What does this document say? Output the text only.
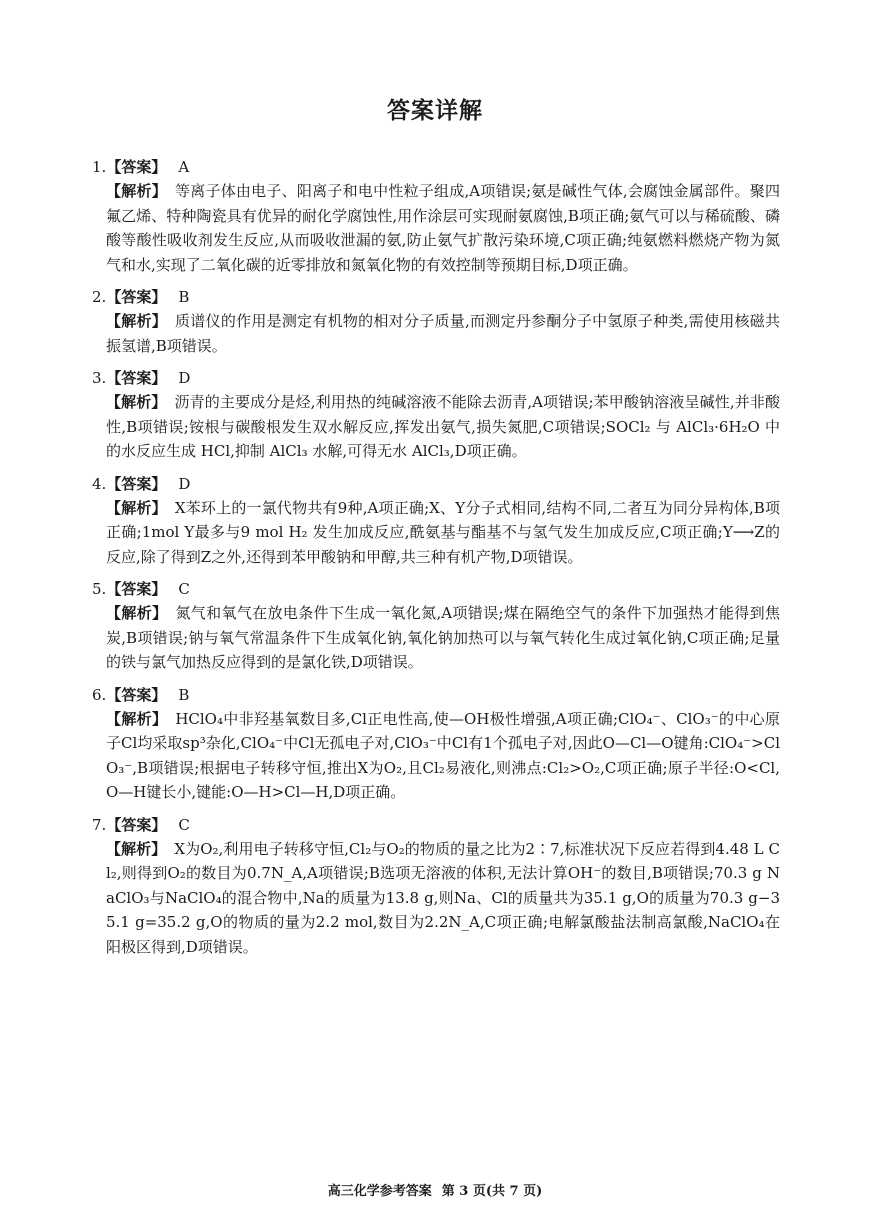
答案详解
1.【答案】 A
【解析】 等离子体由电子、阳离子和电中性粒子组成,A项错误;氨是碱性气体,会腐蚀金属部件。聚四氟乙烯、特种陶瓷具有优异的耐化学腐蚀性,用作涂层可实现耐氨腐蚀,B项正确;氨气可以与稀硫酸、磷酸等酸性吸收剂发生反应,从而吸收泄漏的氨,防止氨气扩散污染环境,C项正确;纯氨燃料燃烧产物为氮气和水,实现了二氧化碳的近零排放和氮氧化物的有效控制等预期目标,D项正确。
2.【答案】 B
【解析】 质谱仪的作用是测定有机物的相对分子质量,而测定丹参酮分子中氢原子种类,需使用核磁共振氢谱,B项错误。
3.【答案】 D
【解析】 沥青的主要成分是烃,利用热的纯碱溶液不能除去沥青,A项错误;苯甲酸钠溶液呈碱性,并非酸性,B项错误;铵根与碳酸根发生双水解反应,挥发出氨气,损失氮肥,C项错误;SOCl₂ 与 AlCl₃·6H₂O 中的水反应生成 HCl,抑制 AlCl₃ 水解,可得无水 AlCl₃,D项正确。
4.【答案】 D
【解析】 X苯环上的一氯代物共有9种,A项正确;X、Y分子式相同,结构不同,二者互为同分异构体,B项正确;1mol Y最多与9 mol H₂ 发生加成反应,酰氨基与酯基不与氢气发生加成反应,C项正确;Y⟶Z的反应,除了得到Z之外,还得到苯甲酸钠和甲醇,共三种有机产物,D项错误。
5.【答案】 C
【解析】 氮气和氧气在放电条件下生成一氧化氮,A项错误;煤在隔绝空气的条件下加强热才能得到焦炭,B项错误;钠与氧气常温条件下生成氧化钠,氧化钠加热可以与氧气转化生成过氧化钠,C项正确;足量的铁与氯气加热反应得到的是氯化铁,D项错误。
6.【答案】 B
【解析】 HClO₄中非羟基氧数目多,Cl正电性高,使—OH极性增强,A项正确;ClO₄⁻、ClO₃⁻的中心原子Cl均采取sp³杂化,ClO₄⁻中Cl无孤电子对,ClO₃⁻中Cl有1个孤电子对,因此O—Cl—O键角:ClO₄⁻>ClO₃⁻,B项错误;根据电子转移守恒,推出X为O₂,且Cl₂易液化,则沸点:Cl₂>O₂,C项正确;原子半径:O<Cl,O—H键长小,键能:O—H>Cl—H,D项正确。
7.【答案】 C
【解析】 X为O₂,利用电子转移守恒,Cl₂与O₂的物质的量之比为2∶7,标准状况下反应若得到4.48 L Cl₂,则得到O₂的数目为0.7N_A,A项错误;B选项无溶液的体积,无法计算OH⁻的数目,B项错误;70.3 g NaClO₃与NaClO₄的混合物中,Na的质量为13.8 g,则Na、Cl的质量共为35.1 g,O的质量为70.3 g−35.1 g=35.2 g,O的物质的量为2.2 mol,数目为2.2N_A,C项正确;电解氯酸盐法制高氯酸,NaClO₄在阳极区得到,D项错误。
高三化学参考答案 第 3 页(共 7 页)
